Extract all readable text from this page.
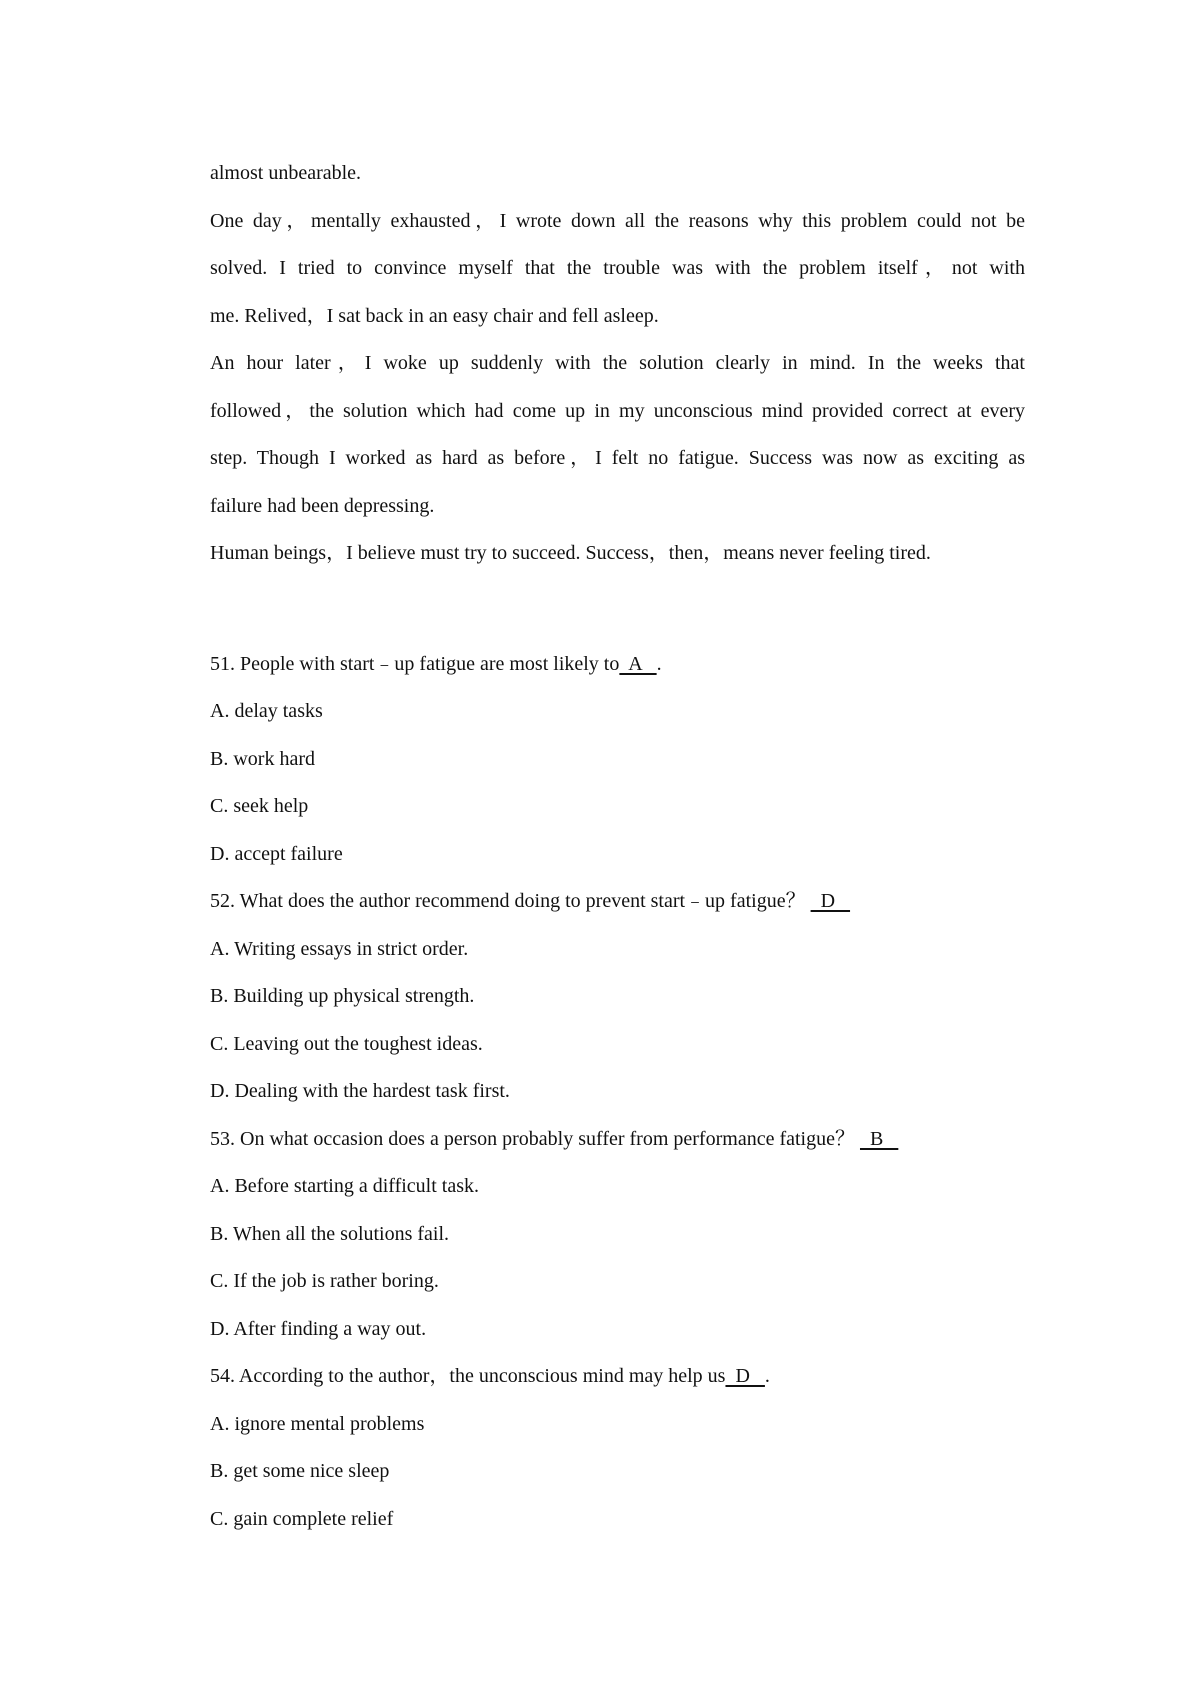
almost unbearable.
One day，mentally exhausted，I wrote down all the reasons why this problem could not be
solved. I tried to convince myself that the trouble was with the problem itself，not with
me. Relived，I sat back in an easy chair and fell asleep.
An hour later，I woke up suddenly with the solution clearly in mind. In the weeks that
followed，the solution which had come up in my unconscious mind provided correct at every
step. Though I worked as hard as before，I felt no fatigue. Success was now as exciting as
failure had been depressing.
Human beings，I believe must try to succeed. Success，then，means never feeling tired.
51. People with start﹣up fatigue are most likely to  A   .
A. delay tasks
B. work hard
C. seek help
D. accept failure
52. What does the author recommend doing to prevent start﹣up fatigue？   D
A. Writing essays in strict order.
B. Building up physical strength.
C. Leaving out the toughest ideas.
D. Dealing with the hardest task first.
53. On what occasion does a person probably suffer from performance fatigue？   B
A. Before starting a difficult task.
B. When all the solutions fail.
C. If the job is rather boring.
D. After finding a way out.
54. According to the author，the unconscious mind may help us  D   .
A. ignore mental problems
B. get some nice sleep
C. gain complete relief
